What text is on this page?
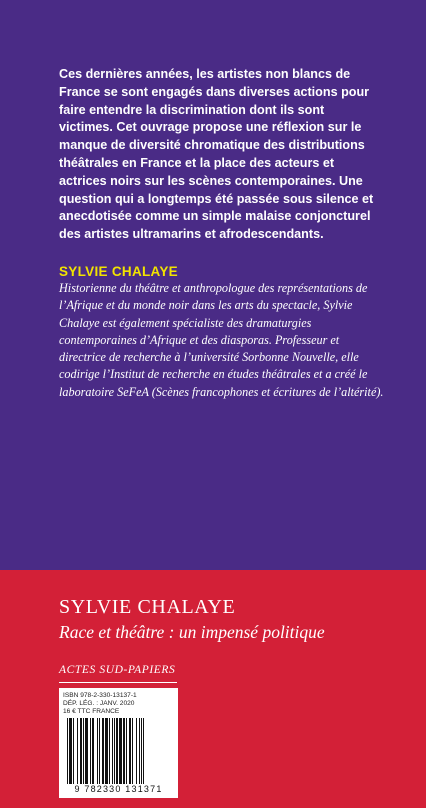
Ces dernières années, les artistes non blancs de France se sont engagés dans diverses actions pour faire entendre la discrimination dont ils sont victimes. Cet ouvrage propose une réflexion sur le manque de diversité chromatique des distributions théâtrales en France et la place des acteurs et actrices noirs sur les scènes contemporaines. Une question qui a longtemps été passée sous silence et anecdotisée comme un simple malaise conjoncturel des artistes ultramarins et afrodescendants.

SYLVIE CHALAYE

Historienne du théâtre et anthropologue des représentations de l’Afrique et du monde noir dans les arts du spectacle, Sylvie Chalaye est également spécialiste des dramaturgies contemporaines d’Afrique et des diasporas. Professeur et directrice de recherche à l’université Sorbonne Nouvelle, elle codirige l’Institut de recherche en études théâtrales et a créé le laboratoire SeFeA (Scènes francophones et écritures de l’altérité).

SYLVIE CHALAYE

Race et théâtre : un impensé politique

ACTES SUD-PAPIERS

ISBN 978-2-330-13137-1
DÉP. LÉG. : JANV. 2020
16 € TTC FRANCE
9 782330 131371
